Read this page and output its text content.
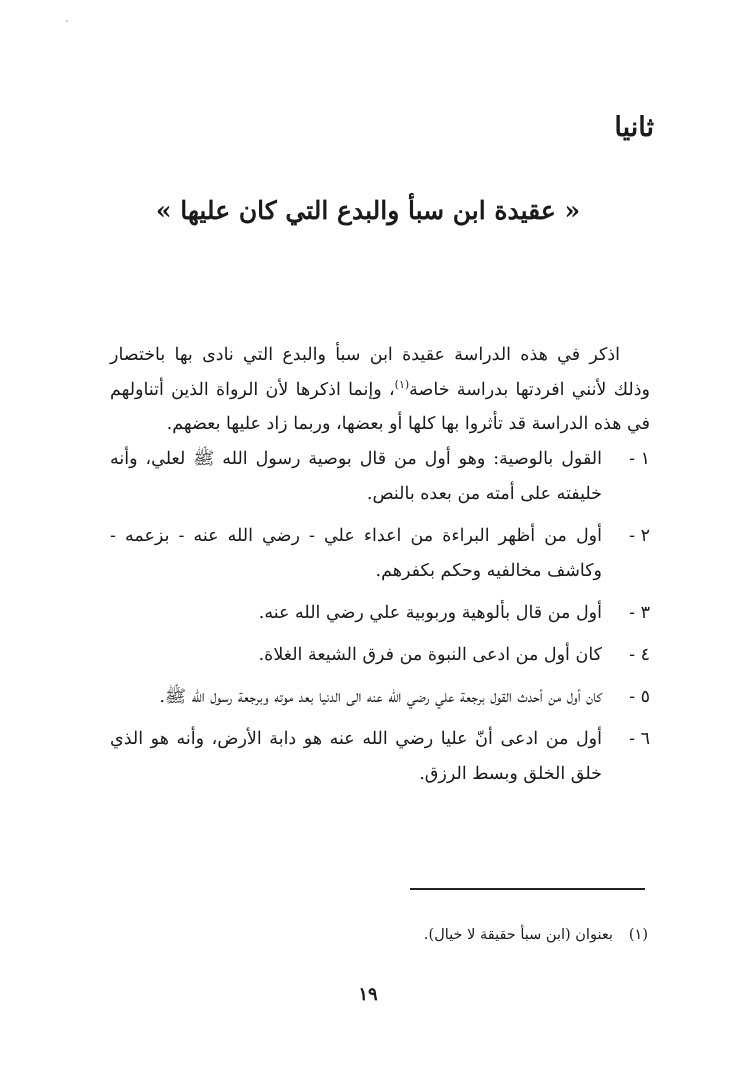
ثانيا
« عقيدة ابن سبأ والبدع التي كان عليها »

اذكر في هذه الدراسة عقيدة ابن سبأ والبدع التي نادى بها باختصار وذلك لأنني افردتها بدراسة خاصة$^{(١)}$، وإنما اذكرها لأن الرواة الذين أتناولهم في هذه الدراسة قد تأثروا بها كلها أو بعضها، وربما زاد عليها بعضهم.

١ -
القول بالوصية: وهو أول من قال بوصية رسول الله ﷺ لعلي، وأنه خليفته على أمته من بعده بالنص.
٢ -
أول من أظهر البراءة من اعداء علي - رضي الله عنه - بزعمه - وكاشف مخالفيه وحكم بكفرهم.
٣ -
أول من قال بألوهية وربوبية علي رضي الله عنه.
٤ -
كان أول من ادعى النبوة من فرق الشيعة الغلاة.
٥ -
كان أول من أحدث القول برجعة علي رضي الله عنه الى الدنيا بعد موته وبرجعة رسول الله ﷺ.
٦ -
أول من ادعى أنّ عليا رضي الله عنه هو دابة الأرض، وأنه هو الذي خلق الخلق وبسط الرزق.
(١)
بعنوان (ابن سبأ حقيقة لا خيال).
١٩
